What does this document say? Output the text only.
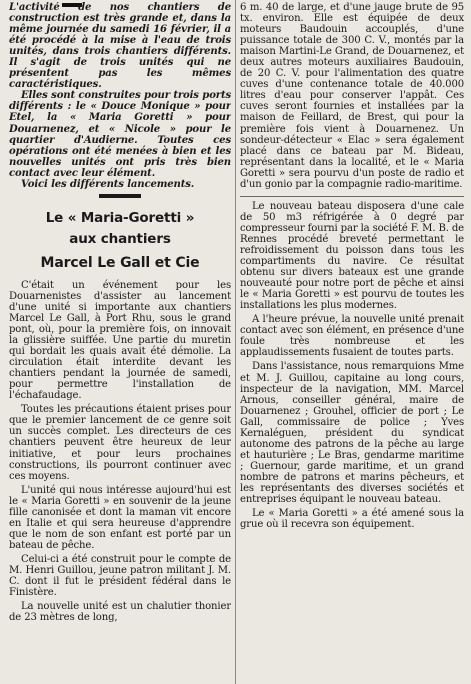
L'activité de nos chantiers de construction est très grande et, dans la même journée du samedi 16 février, il a été procédé à la mise à l'eau de trois unités, dans trois chantiers différents. Il s'agit de trois unités qui ne présentent pas les mêmes caractéristiques.

Elles sont construites pour trois ports différents : le « Douce Monique » pour Etel, la « Maria Goretti » pour Douarnenez, et « Nicole » pour le quartier d'Audierne. Toutes ces opérations ont été menées à bien et les nouvelles unités ont pris très bien contact avec leur élément.

Voici les différents lancements.

Le « Maria-Goretti »
aux chantiers
Marcel Le Gall et Cie

C'était un événement pour les Douarnenistes d'assister au lancement d'une unité si importante aux chantiers Marcel Le Gall, à Port Rhu, sous le grand pont, où, pour la première fois, on innovait la glissière suiffée. Une partie du muretin qui bordait les quais avait été démolie. La circulation était interdite devant les chantiers pendant la journée de samedi, pour permettre l'installation de l'échafaudage.

Toutes les précautions étaient prises pour que le premier lancement de ce genre soit un succès complet. Les directeurs de ces chantiers peuvent être heureux de leur initiative, et pour leurs prochaines constructions, ils pourront continuer avec ces moyens.

L'unité qui nous intéresse aujourd'hui est le « Maria Goretti » en souvenir de la jeune fille canonisée et dont la maman vit encore en Italie et qui sera heureuse d'apprendre que le nom de son enfant est porté par un bateau de pêche.

Celui-ci a été construit pour le compte de M. Henri Guillou, jeune patron militant J. M. C. dont il fut le président fédéral dans le Finistère.

La nouvelle unité est un chalutier thonier de 23 mètres de long,

6 m. 40 de large, et d'une jauge brute de 95 tx. environ. Elle est équipée de deux moteurs Baudouin accouplés, d'une puissance totale de 300 C. V., montés par la maison Martini-Le Grand, de Douarnenez, et deux autres moteurs auxiliaires Baudouin, de 20 C. V. pour l'alimentation des quatre cuves d'une contenance totale de 40.000 litres d'eau pour conserver l'appât. Ces cuves seront fournies et installées par la maison de Feillard, de Brest, qui pour la première fois vient à Douarnenez. Un sondeur-détecteur « Elac » sera également placé dans ce bateau par M. Bideau, représentant dans la localité, et le « Maria Goretti » sera pourvu d'un poste de radio et d'un gonio par la compagnie radio-maritime.

Le nouveau bateau disposera d'une cale de 50 m3 réfrigérée à 0 degré par compresseur fourni par la société F. M. B. de Rennes procédé breveté permettant le refroidissement du poisson dans tous les compartiments du navire. Ce résultat obtenu sur divers bateaux est une grande nouveauté pour notre port de pêche et ainsi le « Maria Goretti » est pourvu de toutes les installations les plus modernes.

A l'heure prévue, la nouvelle unité prenait contact avec son élément, en présence d'une foule très nombreuse et les applaudissements fusaient de toutes parts.

Dans l'assistance, nous remarquions Mme et M. J. Guillou, capitaine au long cours, inspecteur de la navigation, MM. Marcel Arnous, conseiller général, maire de Douarnenez ; Grouhel, officier de port ; Le Gall, commissaire de police ; Yves Kernaléguen, président du syndicat autonome des patrons de la pêche au large et hauturière ; Le Bras, gendarme maritime ; Guernour, garde maritime, et un grand nombre de patrons et marins pêcheurs, et les représentants des diverses sociétés et entreprises équipant le nouveau bateau.

Le « Maria Goretti » a été amené sous la grue où il recevra son équipement.
